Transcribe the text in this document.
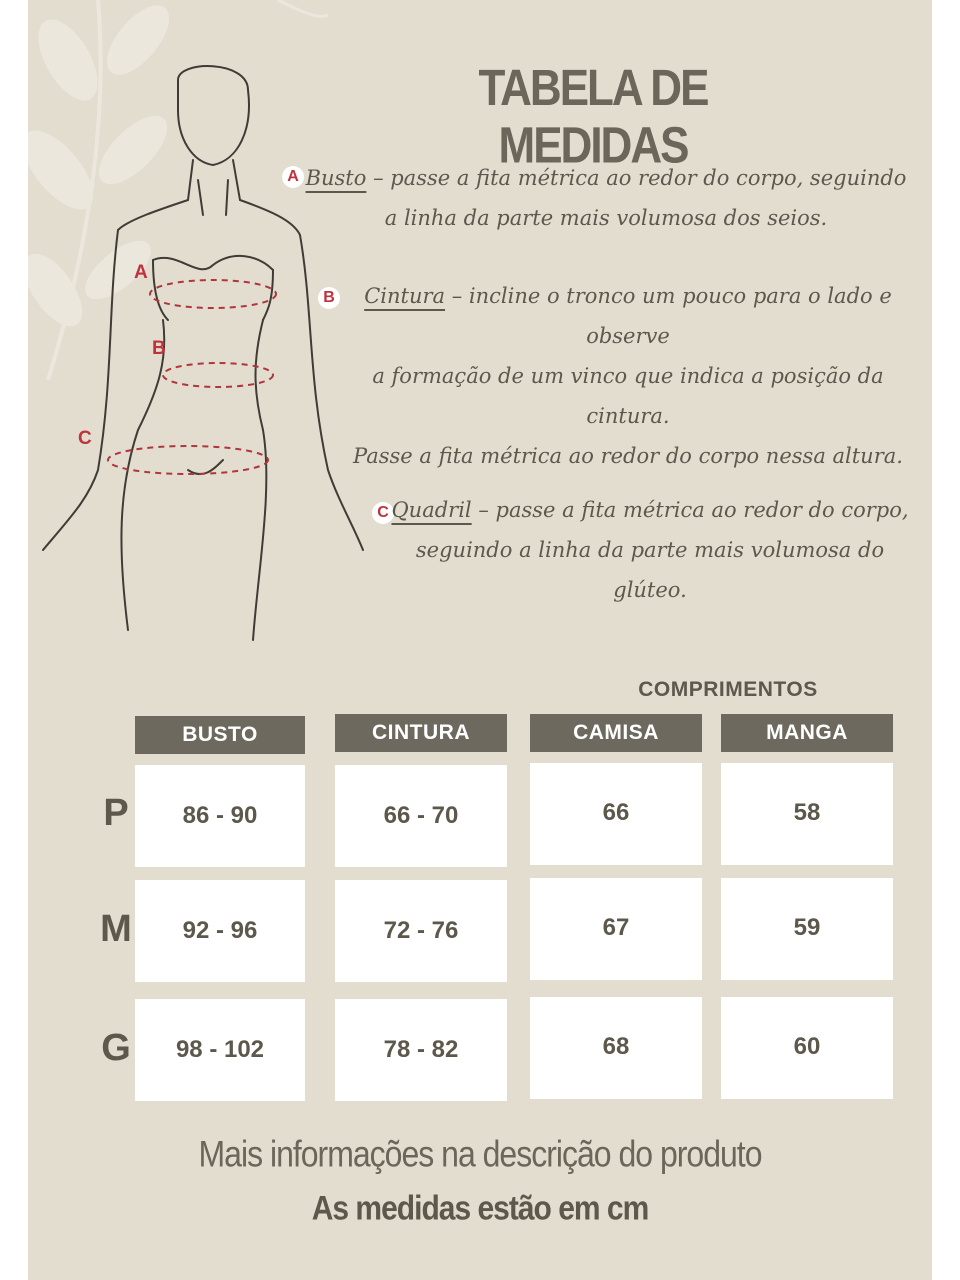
A
B
C
TABELA DE MEDIDAS
A Busto – passe a fita métrica ao redor do corpo, seguindo
a linha da parte mais volumosa dos seios.
B	Cintura – incline o tronco um pouco para o lado e
observe
a formação de um vinco que indica a posição da cintura.
Passe a fita métrica ao redor do corpo nessa altura.
C Quadril – passe a fita métrica ao redor do corpo,
seguindo a linha da parte mais volumosa do
glúteo.
COMPRIMENTOS
BUSTO	CINTURA	CAMISA	MANGA
P	86 - 90	66 - 70	66	58
M	92 - 96	72 - 76	67	59
G	98 - 102	78 - 82	68	60
Mais informações na descrição do produto
As medidas estão em cm
